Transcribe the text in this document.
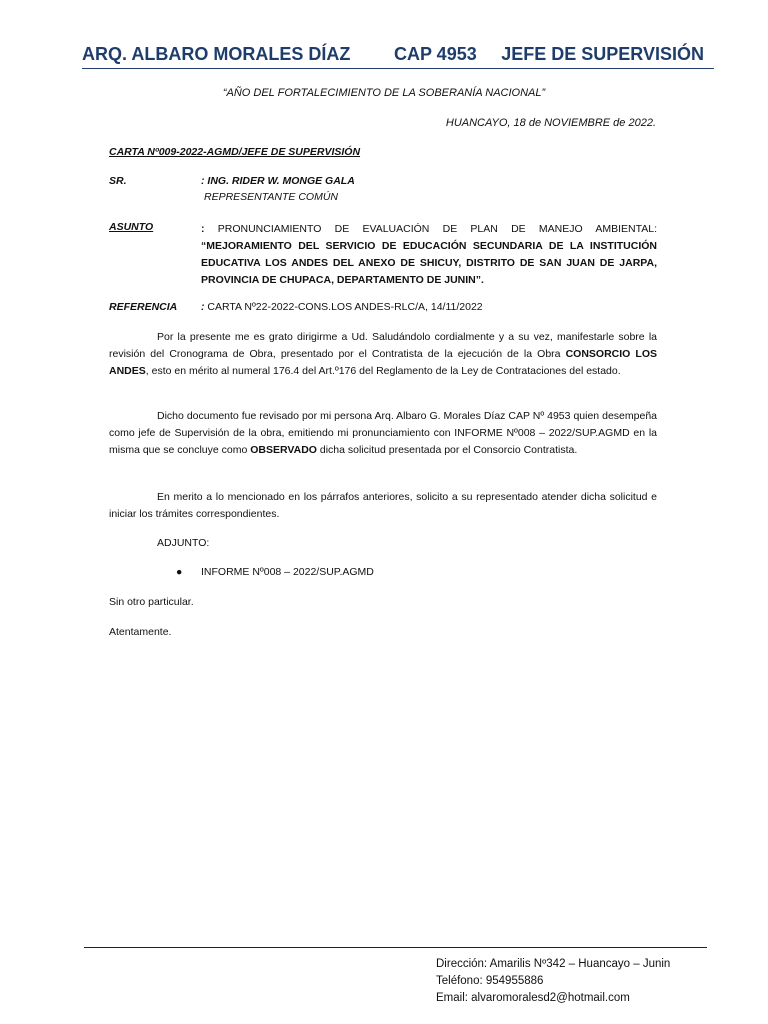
ARQ. ALBARO MORALES DÍAZ CAP 4953 JEFE DE SUPERVISIÓN
“AÑO DEL FORTALECIMIENTO DE LA SOBERANÍA NACIONAL”
HUANCAYO, 18 de NOVIEMBRE de 2022.
CARTA Nº009-2022-AGMD/JEFE DE SUPERVISIÓN
SR.	: ING. RIDER W. MONGE GALA
REPRESENTANTE COMÚN
ASUNTO	: PRONUNCIAMIENTO DE EVALUACIÓN DE PLAN DE MANEJO AMBIENTAL: “MEJORAMIENTO DEL SERVICIO DE EDUCACIÓN SECUNDARIA DE LA INSTITUCIÓN EDUCATIVA LOS ANDES DEL ANEXO DE SHICUY, DISTRITO DE SAN JUAN DE JARPA, PROVINCIA DE CHUPACA, DEPARTAMENTO DE JUNIN”.
REFERENCIA : CARTA Nº22-2022-CONS.LOS ANDES-RLC/A, 14/11/2022
Por la presente me es grato dirigirme a Ud. Saludándolo cordialmente y a su vez, manifestarle sobre la revisión del Cronograma de Obra, presentado por el Contratista de la ejecución de la Obra CONSORCIO LOS ANDES, esto en mérito al numeral 176.4 del Art.º176 del Reglamento de la Ley de Contrataciones del estado.
Dicho documento fue revisado por mi persona Arq. Albaro G. Morales Díaz CAP Nº 4953 quien desempeña como jefe de Supervisión de la obra, emitiendo mi pronunciamiento con INFORME Nº008 – 2022/SUP.AGMD en la misma que se concluye como OBSERVADO dicha solicitud presentada por el Consorcio Contratista.
En merito a lo mencionado en los párrafos anteriores, solicito a su representado atender dicha solicitud e iniciar los trámites correspondientes.
ADJUNTO:
● INFORME Nº008 – 2022/SUP.AGMD
Sin otro particular.
Atentamente.
Dirección: Amarilis Nº342 – Huancayo – Junin
Teléfono: 954955886
Email: alvaromoralesd2@hotmail.com
